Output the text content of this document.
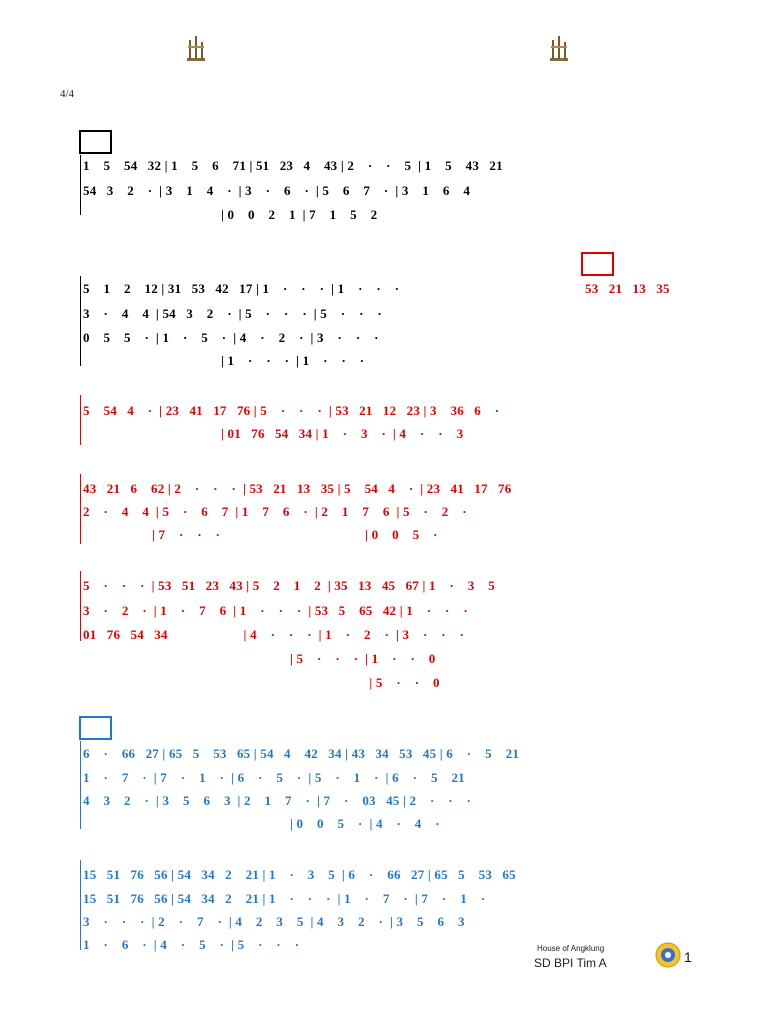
4/4
1    5    54   32 | 1    5    6    71 | 51   23   4    43 | 2    ·    ·    5  | 1    5    43   21
54   3    2    ·  | 3    1    4    ·  | 3    ·    6    ·  | 5    6    7    ·  | 3    1    6    4
| 0    0    2    1  | 7    1    5    2
5    1    2    12 | 31   53   42   17 | 1    ·    ·    ·  | 1    ·    ·    ·
3    ·    4    4  | 54   3    2    ·  | 5    ·    ·    ·  | 5    ·    ·    ·
0    5    5    ·  | 1    ·    5    ·  | 4    ·    2    ·  | 3    ·    ·    ·
| 1    ·    ·    ·  | 1    ·    ·    ·
53   21   13   35
5    54   4    ·  | 23   41   17   76 | 5    ·    ·    ·  | 53   21   12   23 | 3    36   6    ·
| 01   76   54   34 | 1    ·    3    ·  | 4    ·    ·    3
43   21   6    62 | 2    ·    ·    ·  | 53   21   13   35 | 5    54   4    ·  | 23   41   17   76
2    ·    4    4  | 5    ·    6    7  | 1    7    6    ·  | 2    1    7    6  | 5    ·    2    ·
| 7    ·    ·    ·                                          | 0    0    5    ·
5    ·    ·    ·  | 53   51   23   43 | 5    2    1    2  | 35   13   45   67 | 1    ·    3    5
3    ·    2    ·  | 1    ·    7    6  | 1    ·    ·    ·  | 53   5    65   42 | 1    ·    ·    ·
01   76   54   34                      | 4    ·    ·    ·  | 1    ·    2    ·  | 3    ·    ·    ·
| 5    ·    ·    ·  | 1    ·    ·    0
| 5    ·    ·    0
6    ·    66   27 | 65   5    53   65 | 54   4    42   34 | 43   34   53   45 | 6    ·    5    21
1    ·    7    ·  | 7    ·    1    ·  | 6    ·    5    ·  | 5    ·    1    ·  | 6    ·    5    21
4    3    2    ·  | 3    5    6    3  | 2    1    7    ·  | 7    ·    03   45 | 2    ·    ·    ·
| 0    0    5    ·  | 4    ·    4    ·
15   51   76   56 | 54   34   2    21 | 1    ·    3    5  | 6    ·    66   27 | 65   5    53   65
15   51   76   56 | 54   34   2    21 | 1    ·    ·    ·  | 1    ·    7    ·  | 7    ·    1    ·
3    ·    ·    ·  | 2    ·    7    ·  | 4    2    3    5  | 4    3    2    ·  | 3    5    6    3
1    ·    6    ·  | 4    ·    5    ·  | 5    ·    ·    ·	House of Angklung
SD BPI Tim A	1
